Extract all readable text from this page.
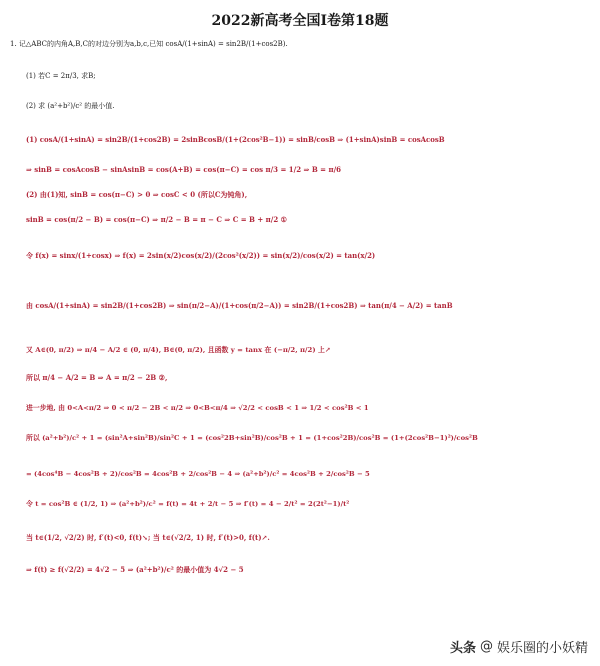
2022新高考全国I卷第18题
1. 记△ABC的内角A,B,C的对边分别为a,b,c,已知 cosA/(1+sinA) = sin2B/(1+cos2B).
(1) 若C = 2π/3, 求B;
(2) 求 (a²+b²)/c² 的最小值.
(1) cosA/(1+sinA) = sin2B/(1+cos2B) = 2sinBcosB/(1+(2cos²B−1)) = sinB/cosB ⇒ (1+sinA)sinB = cosAcosB
⇒ sinB = cosAcosB − sinAsinB = cos(A+B) = cos(π−C) = cos π/3 = 1/2 ⇒ B = π/6
(2) 由(1)知, sinB = cos(π−C) > 0 ⇒ cosC < 0 (所以C为钝角),
sinB = cos(π/2 − B) = cos(π−C) ⇒ π/2 − B = π − C ⇒ C = B + π/2 ①
令 f(x) = sinx/(1+cosx) ⇒ f(x) = 2sin(x/2)cos(x/2)/(2cos²(x/2)) = sin(x/2)/cos(x/2) = tan(x/2)
由 cosA/(1+sinA) = sin2B/(1+cos2B) ⇒ sin(π/2−A)/(1+cos(π/2−A)) = sin2B/(1+cos2B) ⇒ tan(π/4 − A/2) = tanB
又 A∈(0, π/2) ⇒ π/4 − A/2 ∈ (0, π/4), B∈(0, π/2), 且函数 y = tanx 在 (−π/2, π/2) 上↗
所以 π/4 − A/2 = B ⇒ A = π/2 − 2B ②,
进一步地, 由 0<A<π/2 ⇒ 0 < π/2 − 2B < π/2 ⇒ 0<B<π/4 ⇒ √2/2 < cosB < 1 ⇒ 1/2 < cos²B < 1
所以 (a²+b²)/c² + 1 = (sin²A+sin²B)/sin²C + 1 = (cos²2B+sin²B)/cos²B + 1 = (1+cos²2B)/cos²B = (1+(2cos²B−1)²)/cos²B
= (4cos⁴B − 4cos²B + 2)/cos²B = 4cos²B + 2/cos²B − 4 ⇒ (a²+b²)/c² = 4cos²B + 2/cos²B − 5
令 t = cos²B ∈ (1/2, 1) ⇒ (a²+b²)/c² = f(t) = 4t + 2/t − 5 ⇒ f′(t) = 4 − 2/t² = 2(2t²−1)/t²
当 t∈(1/2, √2/2) 时, f′(t)<0, f(t)↘; 当 t∈(√2/2, 1) 时, f′(t)>0, f(t)↗.
⇒ f(t) ≥ f(√2/2) = 4√2 − 5 ⇒ (a²+b²)/c² 的最小值为 4√2 − 5
头条 @ 娱乐圈的小妖精
